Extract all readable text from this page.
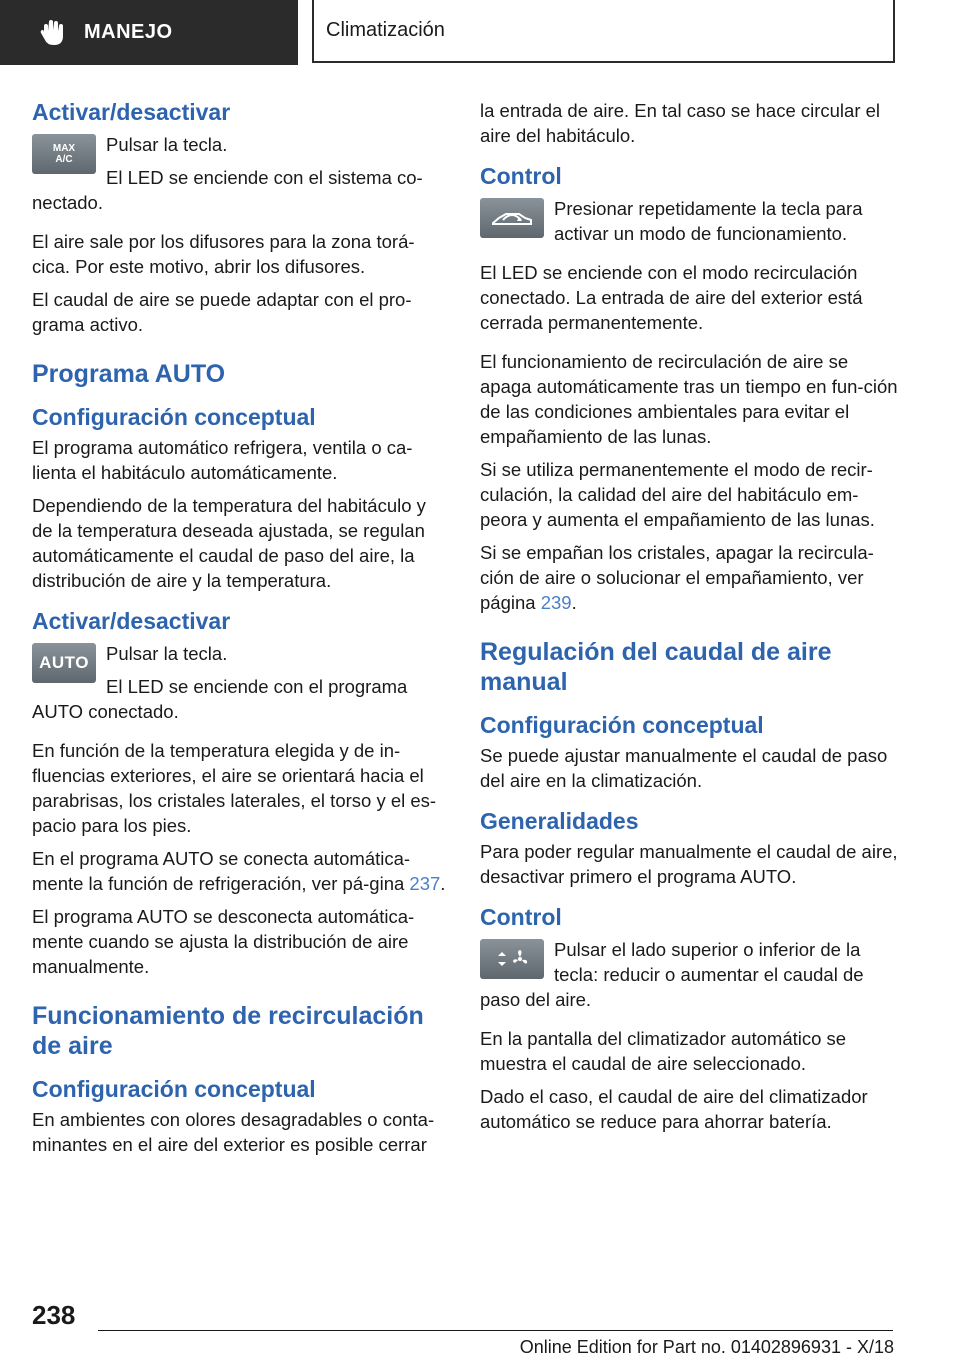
MANEJO	Climatización
Activar/desactivar
MAX
A/C
Pulsar la tecla.
El LED se enciende con el sistema co-nectado.
El aire sale por los difusores para la zona torá-cica. Por este motivo, abrir los difusores.
El caudal de aire se puede adaptar con el pro-grama activo.
Programa AUTO
Configuración conceptual
El programa automático refrigera, ventila o ca-lienta el habitáculo automáticamente.
Dependiendo de la temperatura del habitáculo y de la temperatura deseada ajustada, se regulan automáticamente el caudal de paso del aire, la distribución de aire y la temperatura.
Activar/desactivar
AUTO Pulsar la tecla.
El LED se enciende con el programa AUTO conectado.
En función de la temperatura elegida y de in-fluencias exteriores, el aire se orientará hacia el parabrisas, los cristales laterales, el torso y el es-pacio para los pies.
En el programa AUTO se conecta automática-mente la función de refrigeración, ver pá-gina 237.
El programa AUTO se desconecta automática-mente cuando se ajusta la distribución de aire manualmente.
Funcionamiento de recirculación de aire
Configuración conceptual
En ambientes con olores desagradables o conta-minantes en el aire del exterior es posible cerrar
la entrada de aire. En tal caso se hace circular el aire del habitáculo.
Control
Presionar repetidamente la tecla para activar un modo de funcionamiento.
El LED se enciende con el modo recirculación conectado. La entrada de aire del exterior está cerrada permanentemente.
El funcionamiento de recirculación de aire se apaga automáticamente tras un tiempo en fun-ción de las condiciones ambientales para evitar el empañamiento de las lunas.
Si se utiliza permanentemente el modo de recir-culación, la calidad del aire del habitáculo em-peora y aumenta el empañamiento de las lunas.
Si se empañan los cristales, apagar la recircula-ción de aire o solucionar el empañamiento, ver página 239.
Regulación del caudal de aire manual
Configuración conceptual
Se puede ajustar manualmente el caudal de paso del aire en la climatización.
Generalidades
Para poder regular manualmente el caudal de aire, desactivar primero el programa AUTO.
Control
Pulsar el lado superior o inferior de la tecla: reducir o aumentar el caudal de paso del aire.
En la pantalla del climatizador automático se muestra el caudal de aire seleccionado.
Dado el caso, el caudal de aire del climatizador automático se reduce para ahorrar batería.
238
Online Edition for Part no. 01402896931 - X/18
